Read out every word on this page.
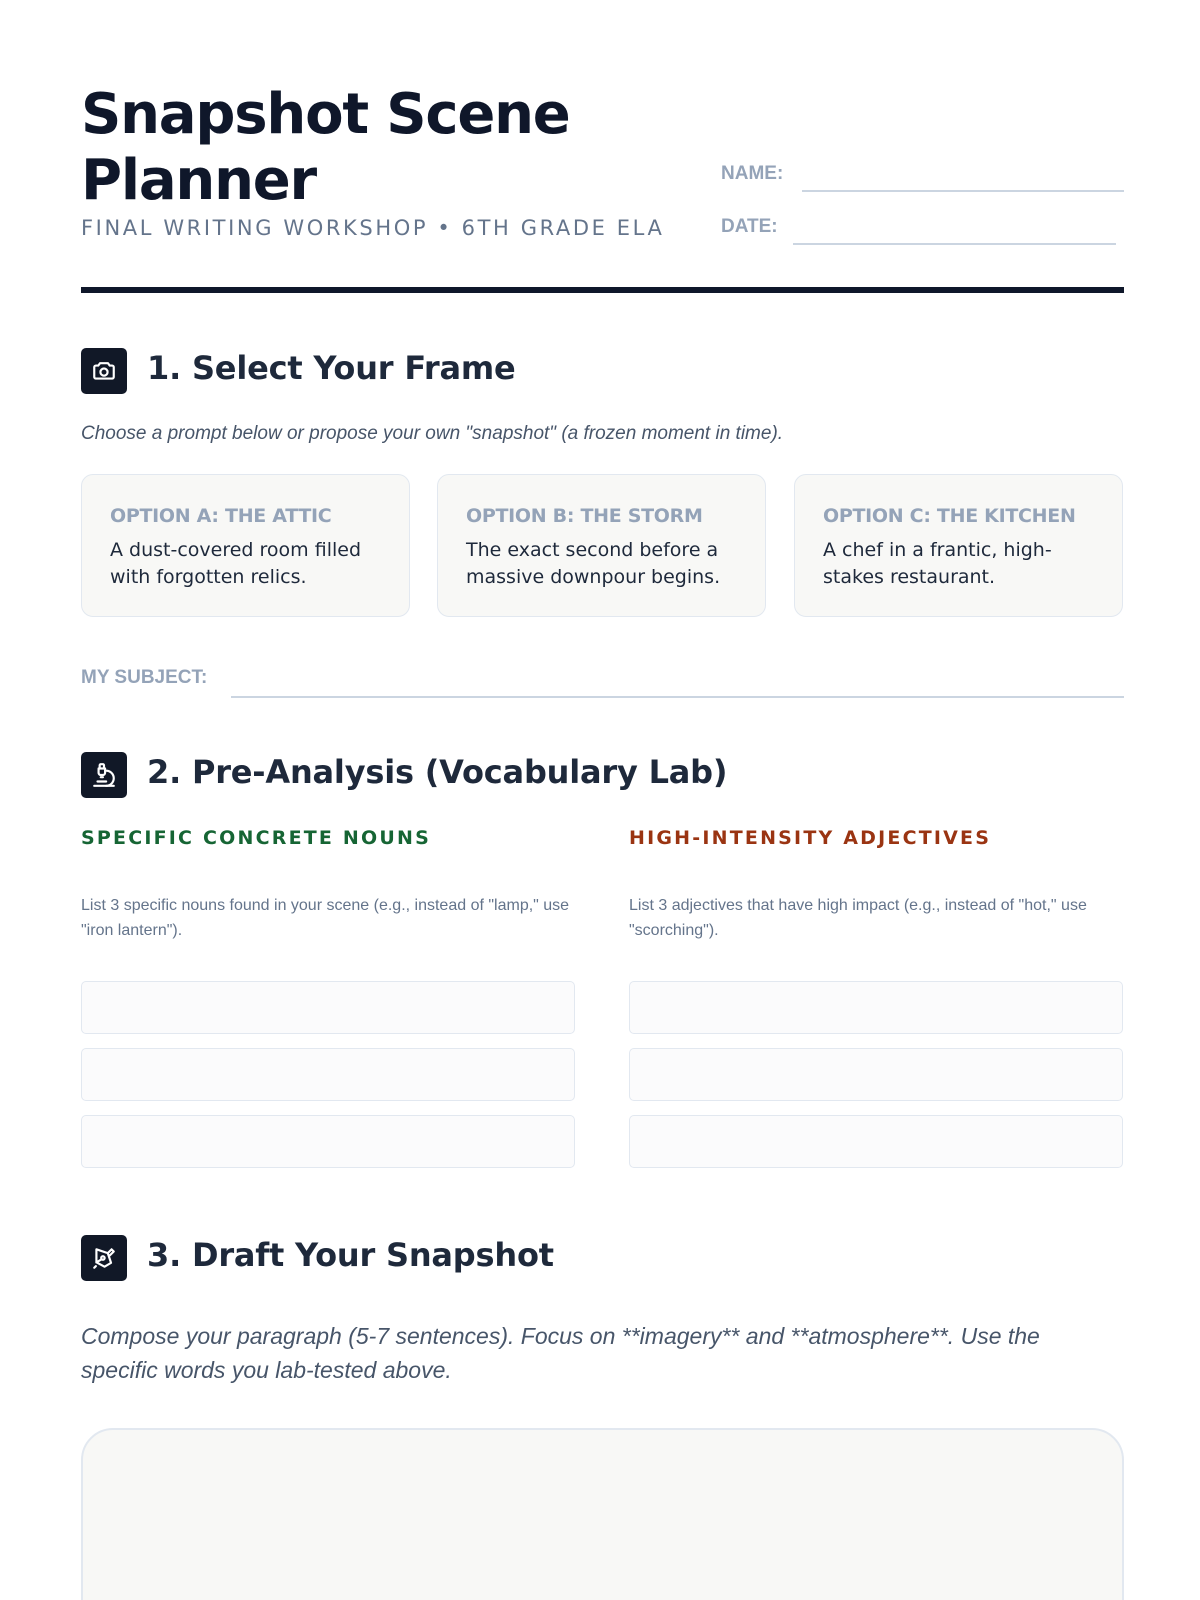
Snapshot Scene Planner
FINAL WRITING WORKSHOP • 6TH GRADE ELA
NAME:
DATE:
1. Select Your Frame

Choose a prompt below or propose your own "snapshot" (a frozen moment in time).

OPTION A: THE ATTIC
A dust-covered room filled with forgotten relics.
OPTION B: THE STORM
The exact second before a massive downpour begins.
OPTION C: THE KITCHEN
A chef in a frantic, high-stakes restaurant.
MY SUBJECT:
2. Pre-Analysis (Vocabulary Lab)
SPECIFIC CONCRETE NOUNS	HIGH-INTENSITY ADJECTIVES

List 3 specific nouns found in your scene (e.g., instead of "lamp," use "iron lantern").

List 3 adjectives that have high impact (e.g., instead of "hot," use "scorching").

3. Draft Your Snapshot

Compose your paragraph (5-7 sentences). Focus on **imagery** and **atmosphere**. Use the specific words you lab-tested above.
